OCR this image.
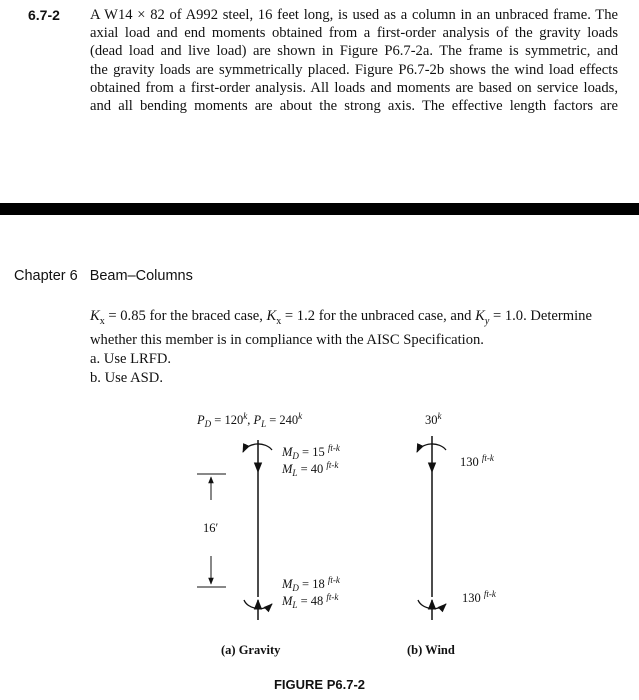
6.7-2 A W14 × 82 of A992 steel, 16 feet long, is used as a column in an unbraced frame. The
axial load and end moments obtained from a first-order analysis of the gravity loads
(dead load and live load) are shown in Figure P6.7-2a. The frame is symmetric, and
the gravity loads are symmetrically placed. Figure P6.7-2b shows the wind load effects
obtained from a first-order analysis. All loads and moments are based on service loads,
and all bending moments are about the strong axis. The effective length factors are
Chapter 6 Beam–Columns
$K_x = 0.85$ for the braced case, $K_x = 1.2$ for the unbraced case, and $K_y = 1.0$. Determine
whether this member is in compliance with the AISC Specification.
a. Use LRFD.
b. Use ASD.
$P_D = 120^k$, $P_L = 240^k$
$M_D = 15$ $^{ft-k}$
$M_L = 40$ $^{ft-k}$
$M_D = 18$ $^{ft-k}$
$M_L = 48$ $^{ft-k}$
16′
(a) Gravity
30$^k$
130 $^{ft-k}$
130 $^{ft-k}$
(b) Wind
FIGURE P6.7-2
